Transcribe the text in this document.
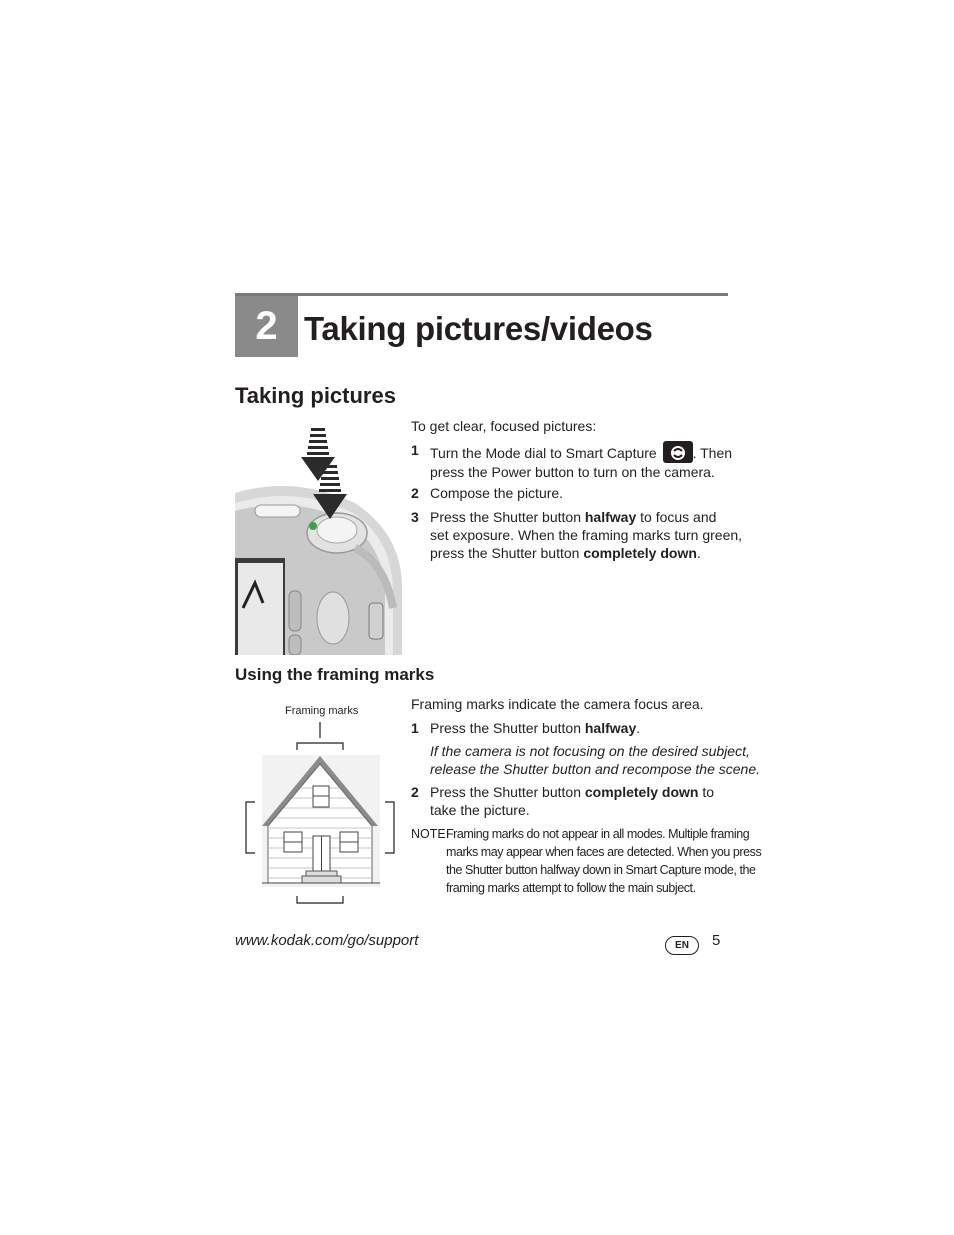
2 Taking pictures/videos
Taking pictures
To get clear, focused pictures:
1 Turn the Mode dial to Smart Capture	. Then
press the Power button to turn on the camera.
2 Compose the picture.
3 Press the Shutter button halfway to focus and
set exposure. When the framing marks turn green,
press the Shutter button completely down.
Using the framing marks
Framing marks	Framing marks indicate the camera focus area.
1 Press the Shutter button halfway.
If the camera is not focusing on the desired subject,
release the Shutter button and recompose the scene.
2 Press the Shutter button completely down to
take the picture.
NOTE:
Framing marks do not appear in all modes. Multiple framing
marks may appear when faces are detected. When you press
the Shutter button halfway down in Smart Capture mode, the
framing marks attempt to follow the main subject.
www.kodak.com/go/support	EN	5
